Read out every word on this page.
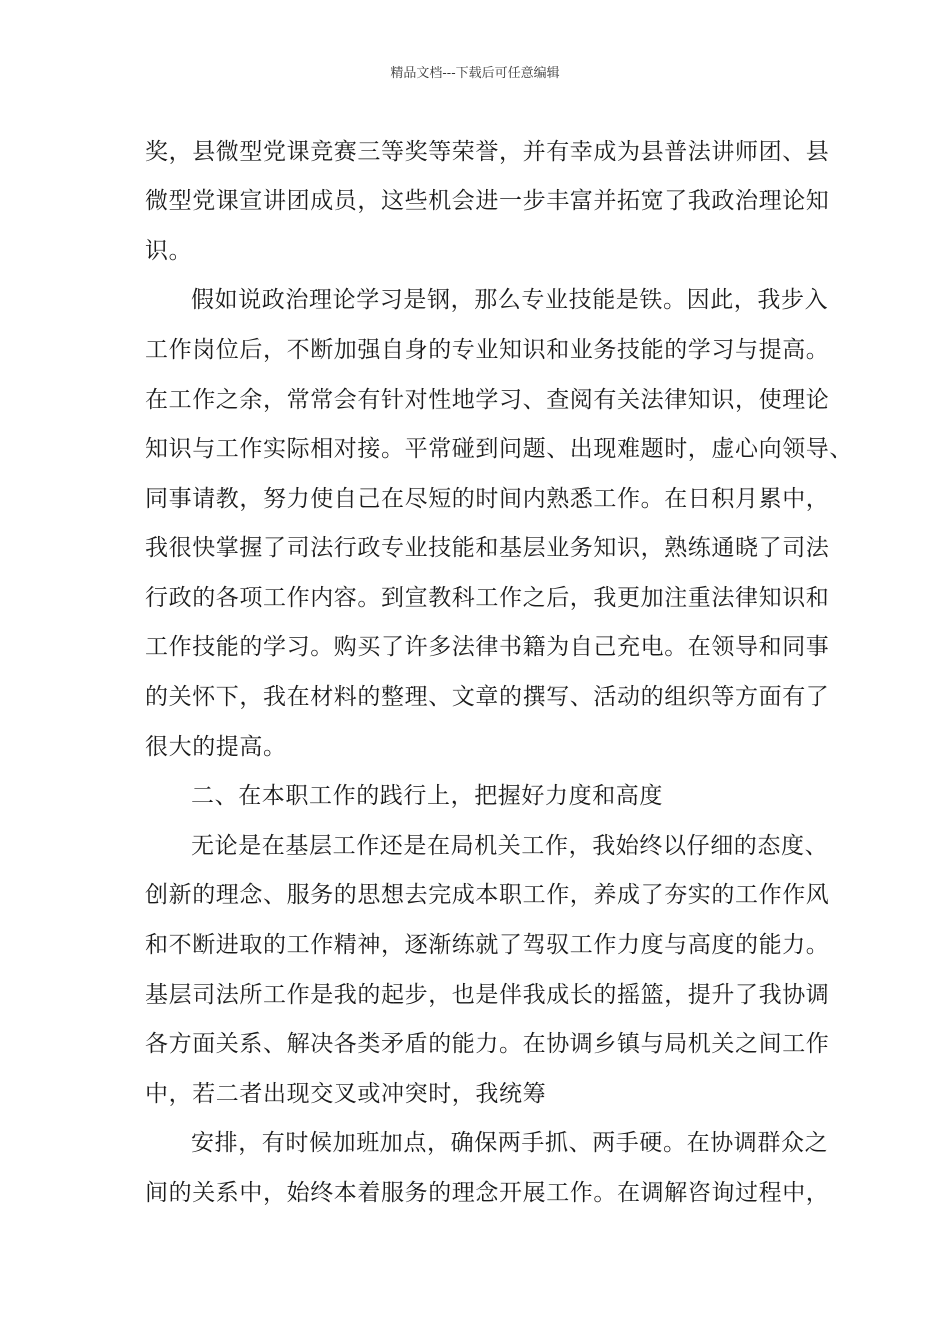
精品文档---下载后可任意编辑
奖，县微型党课竞赛三等奖等荣誉，并有幸成为县普法讲师团、县
微型党课宣讲团成员，这些机会进一步丰富并拓宽了我政治理论知
识。
假如说政治理论学习是钢，那么专业技能是铁。因此，我步入
工作岗位后，不断加强自身的专业知识和业务技能的学习与提高。
在工作之余，常常会有针对性地学习、查阅有关法律知识，使理论
知识与工作实际相对接。平常碰到问题、出现难题时，虚心向领导、
同事请教，努力使自己在尽短的时间内熟悉工作。在日积月累中，
我很快掌握了司法行政专业技能和基层业务知识，熟练通晓了司法
行政的各项工作内容。到宣教科工作之后，我更加注重法律知识和
工作技能的学习。购买了许多法律书籍为自己充电。在领导和同事
的关怀下，我在材料的整理、文章的撰写、活动的组织等方面有了
很大的提高。
二、在本职工作的践行上，把握好力度和高度
无论是在基层工作还是在局机关工作，我始终以仔细的态度、
创新的理念、服务的思想去完成本职工作，养成了夯实的工作作风
和不断进取的工作精神，逐渐练就了驾驭工作力度与高度的能力。
基层司法所工作是我的起步，也是伴我成长的摇篮，提升了我协调
各方面关系、解决各类矛盾的能力。在协调乡镇与局机关之间工作
中，若二者出现交叉或冲突时，我统筹
安排，有时候加班加点，确保两手抓、两手硬。在协调群众之
间的关系中，始终本着服务的理念开展工作。在调解咨询过程中，
